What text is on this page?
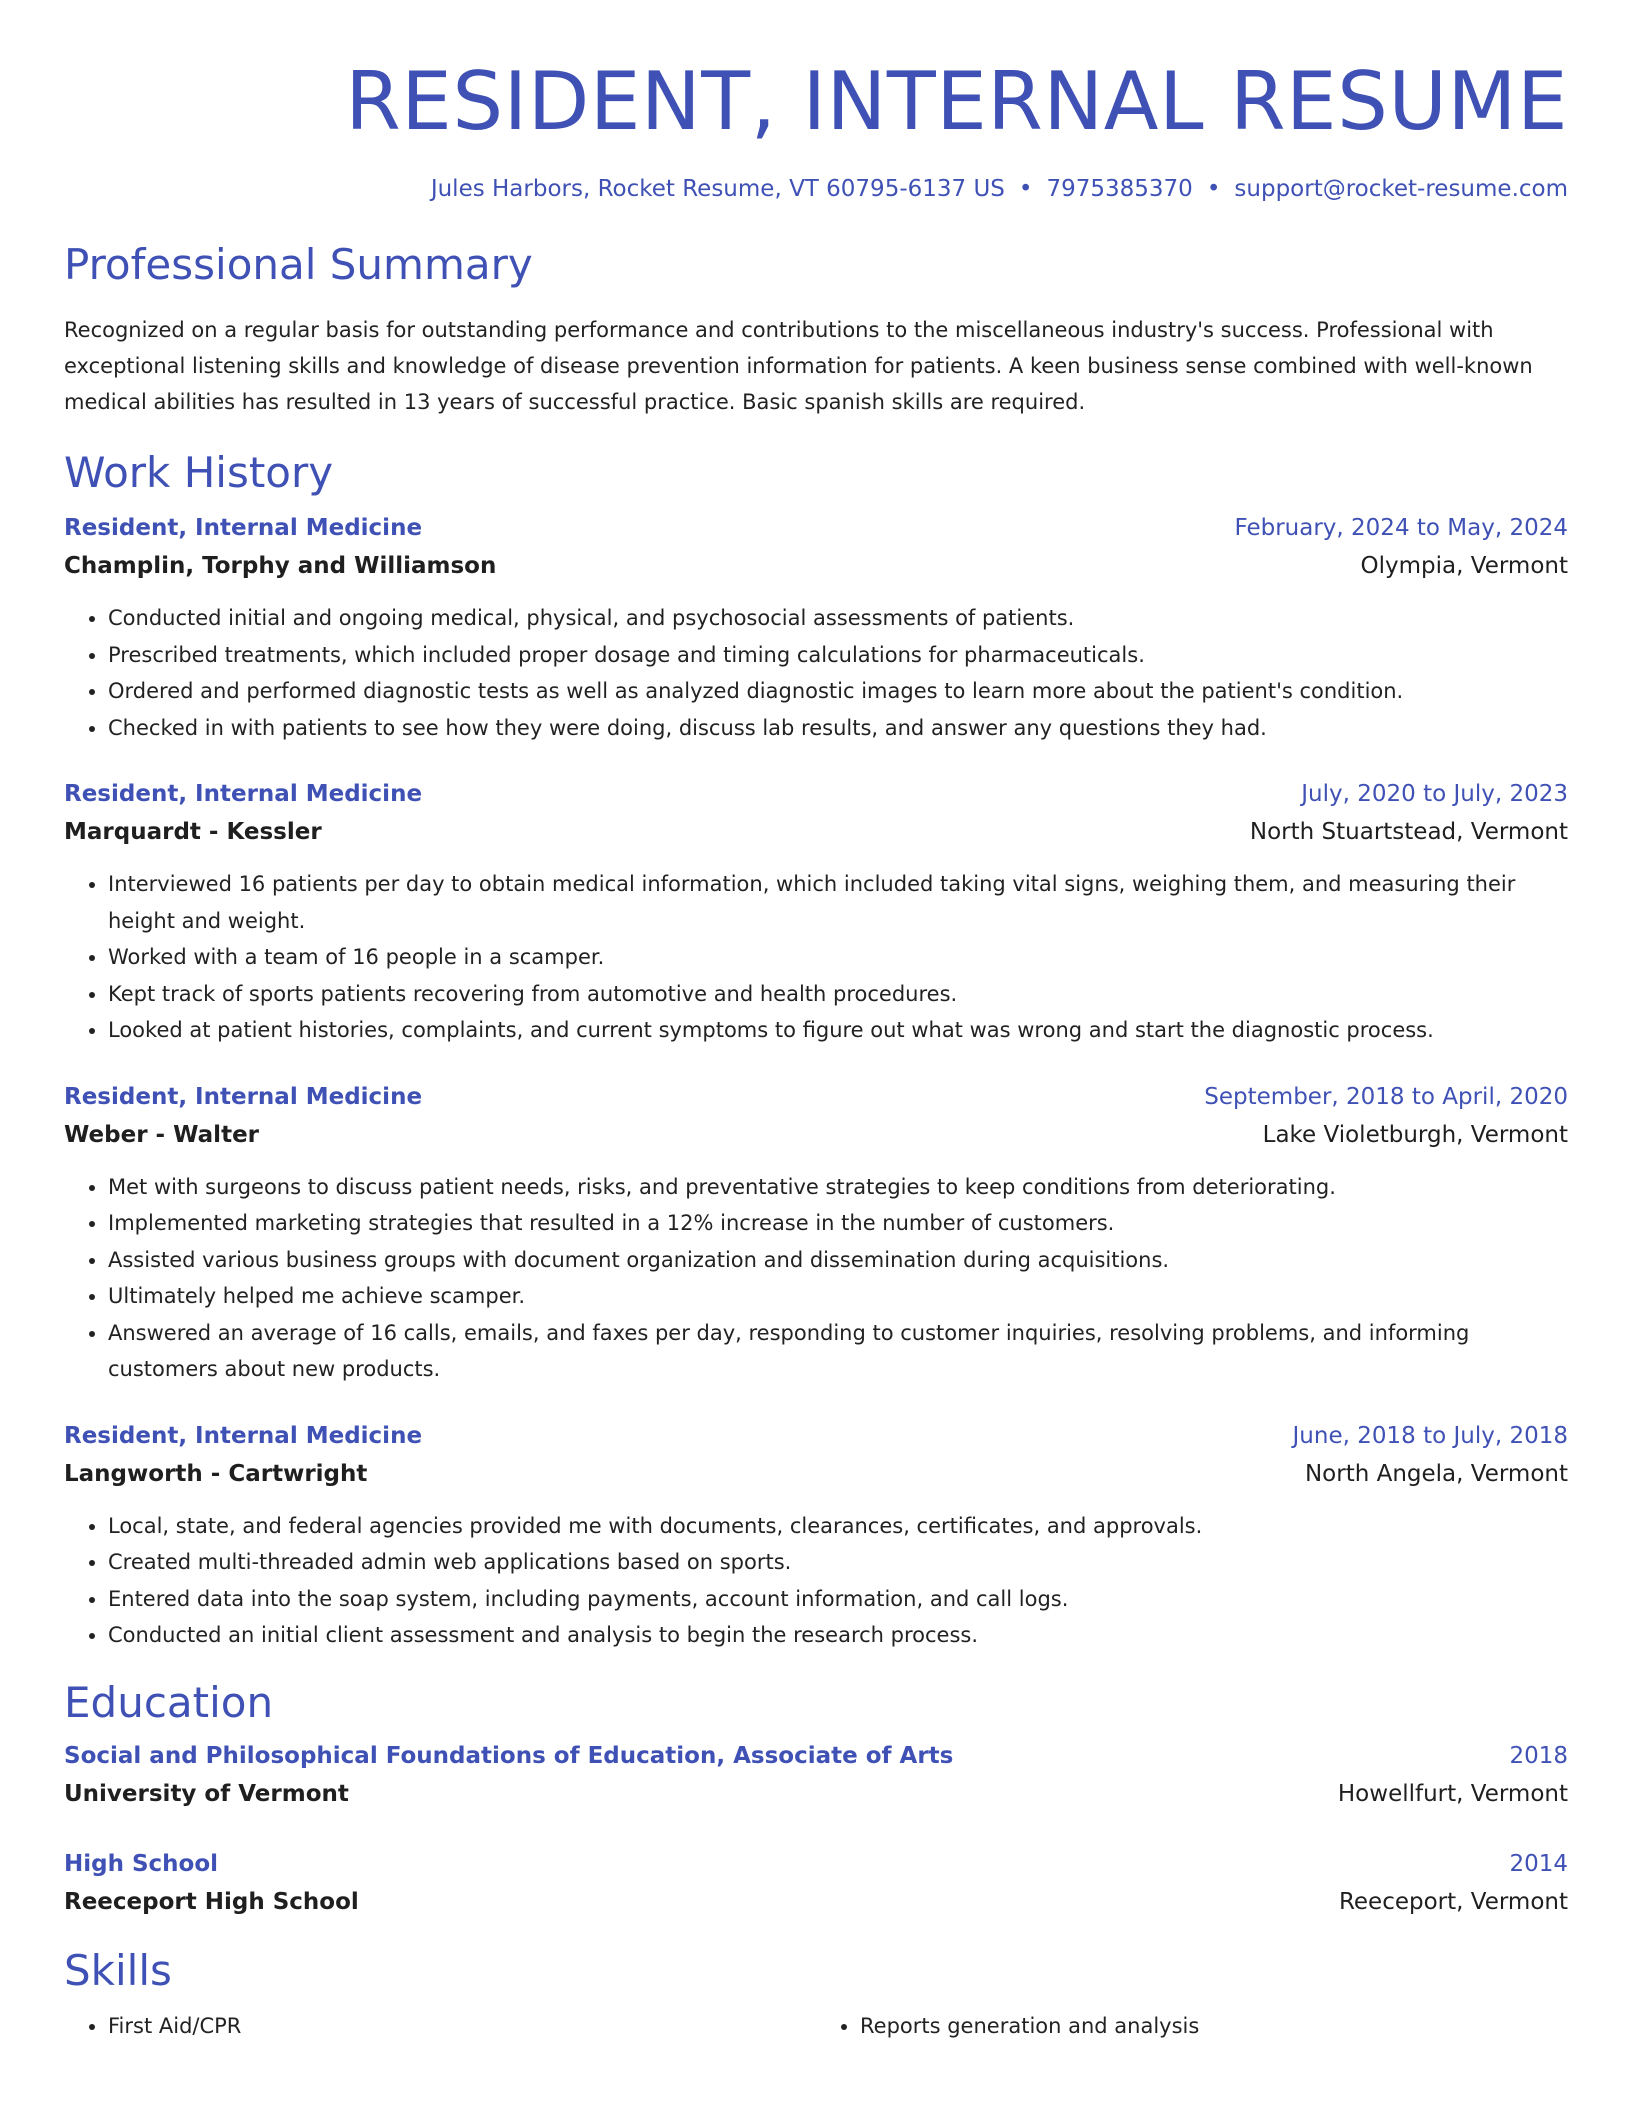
RESIDENT, INTERNAL RESUME
Jules Harbors, Rocket Resume, VT 60795-6137 US • 7975385370 • support@rocket-resume.com
Professional Summary
Recognized on a regular basis for outstanding performance and contributions to the miscellaneous industry's success. Professional with exceptional listening skills and knowledge of disease prevention information for patients. A keen business sense combined with well-known medical abilities has resulted in 13 years of successful practice. Basic spanish skills are required.
Work History
Resident, Internal Medicine	February, 2024 to May, 2024
Champlin, Torphy and Williamson	Olympia, Vermont
• Conducted initial and ongoing medical, physical, and psychosocial assessments of patients.
• Prescribed treatments, which included proper dosage and timing calculations for pharmaceuticals.
• Ordered and performed diagnostic tests as well as analyzed diagnostic images to learn more about the patient's condition.
• Checked in with patients to see how they were doing, discuss lab results, and answer any questions they had.
Resident, Internal Medicine	July, 2020 to July, 2023
Marquardt - Kessler	North Stuartstead, Vermont
• Interviewed 16 patients per day to obtain medical information, which included taking vital signs, weighing them, and measuring their height and weight.
• Worked with a team of 16 people in a scamper.
• Kept track of sports patients recovering from automotive and health procedures.
• Looked at patient histories, complaints, and current symptoms to figure out what was wrong and start the diagnostic process.
Resident, Internal Medicine	September, 2018 to April, 2020
Weber - Walter	Lake Violetburgh, Vermont
• Met with surgeons to discuss patient needs, risks, and preventative strategies to keep conditions from deteriorating.
• Implemented marketing strategies that resulted in a 12% increase in the number of customers.
• Assisted various business groups with document organization and dissemination during acquisitions.
• Ultimately helped me achieve scamper.
• Answered an average of 16 calls, emails, and faxes per day, responding to customer inquiries, resolving problems, and informing customers about new products.
Resident, Internal Medicine	June, 2018 to July, 2018
Langworth - Cartwright	North Angela, Vermont
• Local, state, and federal agencies provided me with documents, clearances, certificates, and approvals.
• Created multi-threaded admin web applications based on sports.
• Entered data into the soap system, including payments, account information, and call logs.
• Conducted an initial client assessment and analysis to begin the research process.
Education
Social and Philosophical Foundations of Education, Associate of Arts	2018
University of Vermont	Howellfurt, Vermont
High School	2014
Reeceport High School	Reeceport, Vermont
Skills
• First Aid/CPR
•	Reports generation and analysis
